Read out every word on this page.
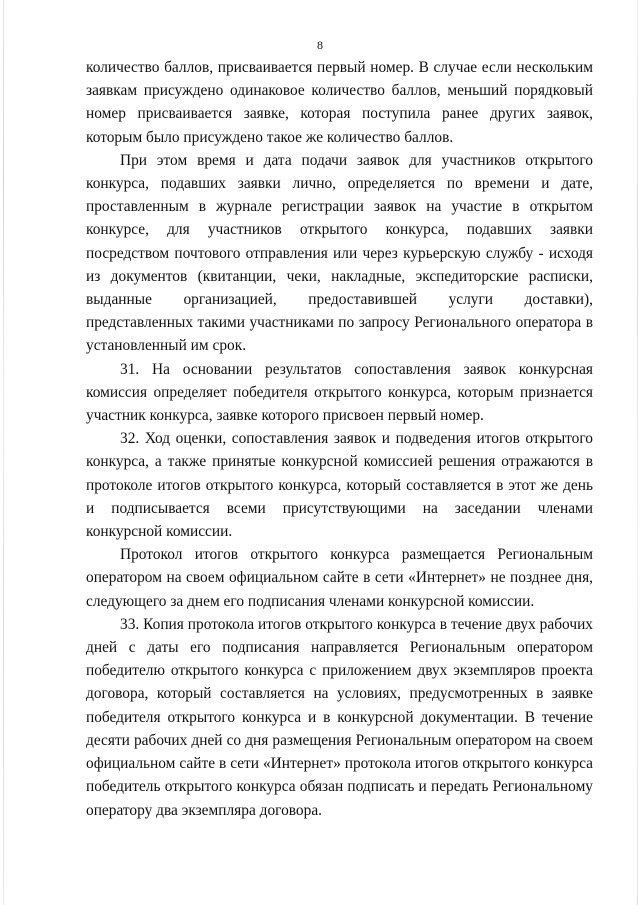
8

количество баллов, присваивается первый номер. В случае если нескольким заявкам присуждено одинаковое количество баллов, меньший порядковый номер присваивается заявке, которая поступила ранее других заявок, которым было присуждено такое же количество баллов.

При этом время и дата подачи заявок для участников открытого конкурса, подавших заявки лично, определяется по времени и дате, проставленным в журнале регистрации заявок на участие в открытом конкурсе, для участников открытого конкурса, подавших заявки посредством почтового отправления или через курьерскую службу - исходя из документов (квитанции, чеки, накладные, экспедиторские расписки, выданные организацией, предоставившей услуги доставки), представленных такими участниками по запросу Регионального оператора в установленный им срок.

31. На основании результатов сопоставления заявок конкурсная комиссия определяет победителя открытого конкурса, которым признается участник конкурса, заявке которого присвоен первый номер.

32. Ход оценки, сопоставления заявок и подведения итогов открытого конкурса, а также принятые конкурсной комиссией решения отражаются в протоколе итогов открытого конкурса, который составляется в этот же день и подписывается всеми присутствующими на заседании членами конкурсной комиссии.

Протокол итогов открытого конкурса размещается Региональным оператором на своем официальном сайте в сети «Интернет» не позднее дня, следующего за днем его подписания членами конкурсной комиссии.

33. Копия протокола итогов открытого конкурса в течение двух рабочих дней с даты его подписания направляется Региональным оператором победителю открытого конкурса с приложением двух экземпляров проекта договора, который составляется на условиях, предусмотренных в заявке победителя открытого конкурса и в конкурсной документации. В течение десяти рабочих дней со дня размещения Региональным оператором на своем официальном сайте в сети «Интернет» протокола итогов открытого конкурса победитель открытого конкурса обязан подписать и передать Региональному оператору два экземпляра договора.
